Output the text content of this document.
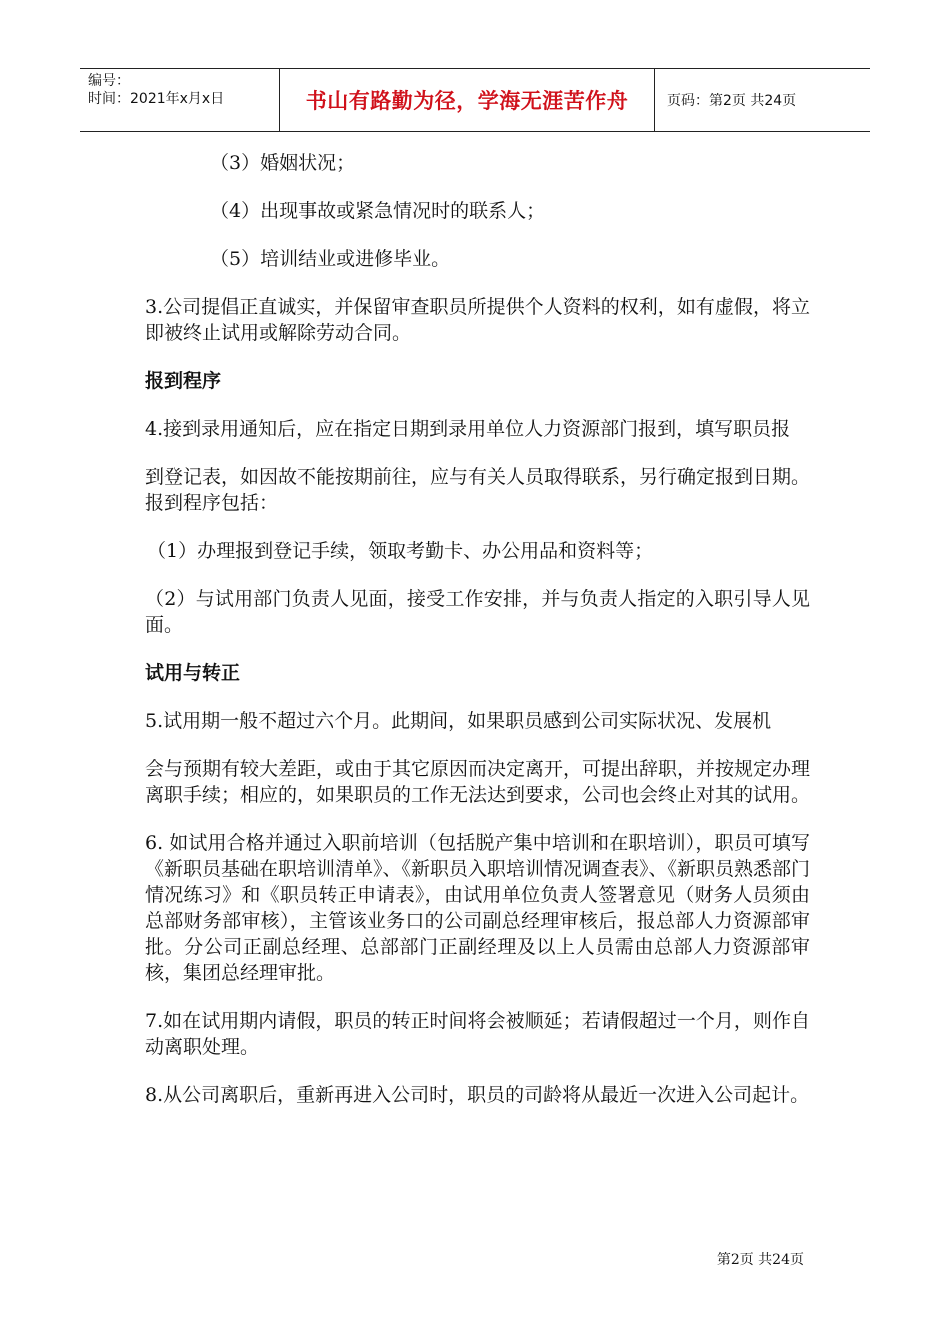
编号：
时间：2021年x月x日	书山有路勤为径，学海无涯苦作舟	页码：第2页 共24页
（3）婚姻状况；
（4）出现事故或紧急情况时的联系人；
（5）培训结业或进修毕业。
3.公司提倡正直诚实，并保留审查职员所提供个人资料的权利，如有虚假，将立即被终止试用或解除劳动合同。
报到程序
4.接到录用通知后，应在指定日期到录用单位人力资源部门报到，填写职员报
到登记表，如因故不能按期前往，应与有关人员取得联系，另行确定报到日期。报到程序包括：
（1）办理报到登记手续，领取考勤卡、办公用品和资料等；
（2）与试用部门负责人见面，接受工作安排，并与负责人指定的入职引导人见面。
试用与转正
5.试用期一般不超过六个月。此期间，如果职员感到公司实际状况、发展机
会与预期有较大差距，或由于其它原因而决定离开，可提出辞职，并按规定办理离职手续；相应的，如果职员的工作无法达到要求，公司也会终止对其的试用。
6. 如试用合格并通过入职前培训（包括脱产集中培训和在职培训），职员可填写《新职员基础在职培训清单》、《新职员入职培训情况调查表》、《新职员熟悉部门情况练习》和《职员转正申请表》，由试用单位负责人签署意见（财务人员须由总部财务部审核），主管该业务口的公司副总经理审核后，报总部人力资源部审批。分公司正副总经理、总部部门正副经理及以上人员需由总部人力资源部审核，集团总经理审批。
7.如在试用期内请假，职员的转正时间将会被顺延；若请假超过一个月，则作自动离职处理。
8.从公司离职后，重新再进入公司时，职员的司龄将从最近一次进入公司起计。
第2页 共24页
